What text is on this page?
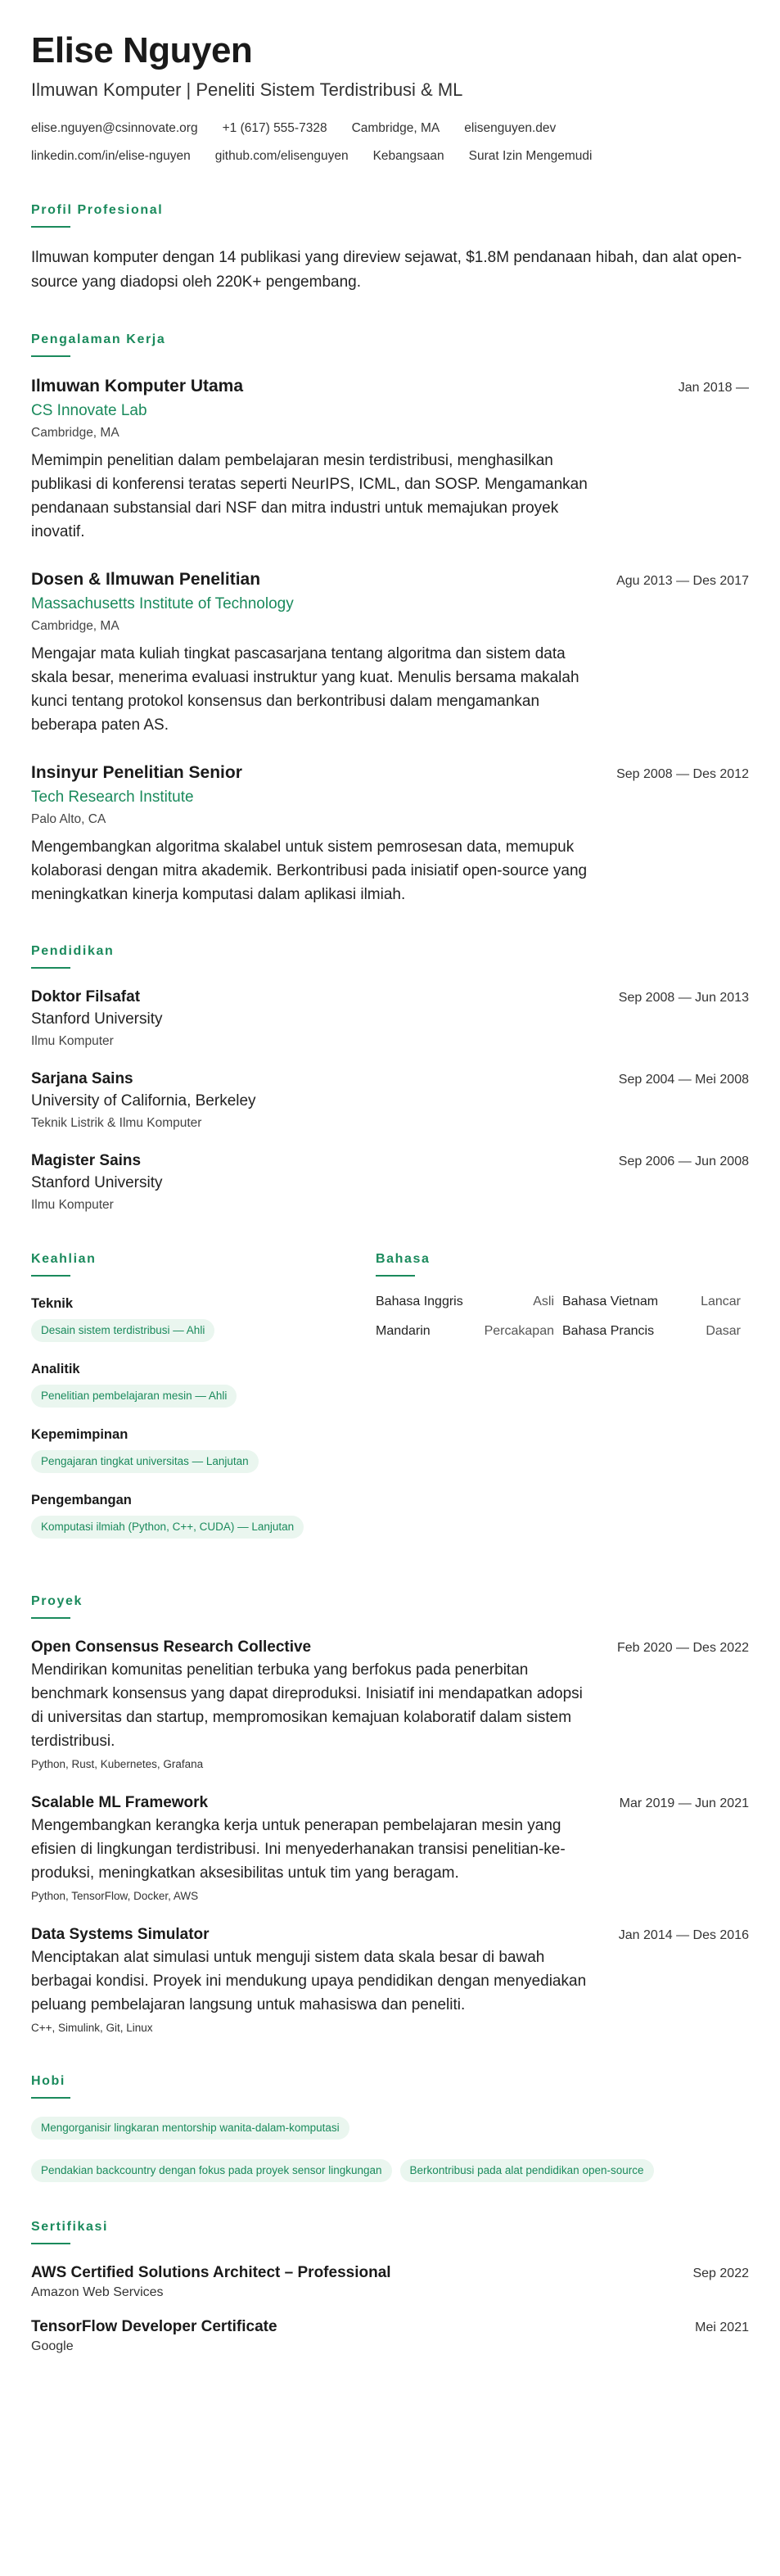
Elise Nguyen
Ilmuwan Komputer | Peneliti Sistem Terdistribusi & ML
elise.nguyen@csinnovate.org +1 (617) 555-7328 Cambridge, MA elisenguyen.dev
linkedin.com/in/elise-nguyen github.com/elisenguyen Kebangsaan Surat Izin Mengemudi
Profil Profesional
Ilmuwan komputer dengan 14 publikasi yang direview sejawat, $1.8M pendanaan hibah, dan alat open-source yang diadopsi oleh 220K+ pengembang.
Pengalaman Kerja
Ilmuwan Komputer Utama	Jan 2018 —
CS Innovate Lab
Cambridge, MA
Memimpin penelitian dalam pembelajaran mesin terdistribusi, menghasilkan publikasi di konferensi teratas seperti NeurIPS, ICML, dan SOSP. Mengamankan pendanaan substansial dari NSF dan mitra industri untuk memajukan proyek inovatif.
Dosen & Ilmuwan Penelitian	Agu 2013 — Des 2017
Massachusetts Institute of Technology
Cambridge, MA
Mengajar mata kuliah tingkat pascasarjana tentang algoritma dan sistem data skala besar, menerima evaluasi instruktur yang kuat. Menulis bersama makalah kunci tentang protokol konsensus dan berkontribusi dalam mengamankan beberapa paten AS.
Insinyur Penelitian Senior	Sep 2008 — Des 2012
Tech Research Institute
Palo Alto, CA
Mengembangkan algoritma skalabel untuk sistem pemrosesan data, memupuk kolaborasi dengan mitra akademik. Berkontribusi pada inisiatif open-source yang meningkatkan kinerja komputasi dalam aplikasi ilmiah.
Pendidikan
Doktor Filsafat	Sep 2008 — Jun 2013
Stanford University
Ilmu Komputer
Sarjana Sains	Sep 2004 — Mei 2008
University of California, Berkeley
Teknik Listrik & Ilmu Komputer
Magister Sains	Sep 2006 — Jun 2008
Stanford University
Ilmu Komputer
Keahlian
Teknik
Desain sistem terdistribusi — Ahli
Analitik
Penelitian pembelajaran mesin — Ahli
Kepemimpinan
Pengajaran tingkat universitas — Lanjutan
Pengembangan
Komputasi ilmiah (Python, C++, CUDA) — Lanjutan
Bahasa
Bahasa Inggris	Asli Bahasa Vietnam	Lancar
Mandarin	Percakapan Bahasa Prancis	Dasar
Proyek
Open Consensus Research Collective	Feb 2020 — Des 2022
Mendirikan komunitas penelitian terbuka yang berfokus pada penerbitan benchmark konsensus yang dapat direproduksi. Inisiatif ini mendapatkan adopsi di universitas dan startup, mempromosikan kemajuan kolaboratif dalam sistem terdistribusi.
Python, Rust, Kubernetes, Grafana
Scalable ML Framework	Mar 2019 — Jun 2021
Mengembangkan kerangka kerja untuk penerapan pembelajaran mesin yang efisien di lingkungan terdistribusi. Ini menyederhanakan transisi penelitian-ke-produksi, meningkatkan aksesibilitas untuk tim yang beragam.
Python, TensorFlow, Docker, AWS
Data Systems Simulator	Jan 2014 — Des 2016
Menciptakan alat simulasi untuk menguji sistem data skala besar di bawah berbagai kondisi. Proyek ini mendukung upaya pendidikan dengan menyediakan peluang pembelajaran langsung untuk mahasiswa dan peneliti.
C++, Simulink, Git, Linux
Hobi
Mengorganisir lingkaran mentorship wanita-dalam-komputasi
Pendakian backcountry dengan fokus pada proyek sensor lingkungan	Berkontribusi pada alat pendidikan open-source
Sertifikasi
AWS Certified Solutions Architect – Professional	Sep 2022
Amazon Web Services
TensorFlow Developer Certificate	Mei 2021
Google
